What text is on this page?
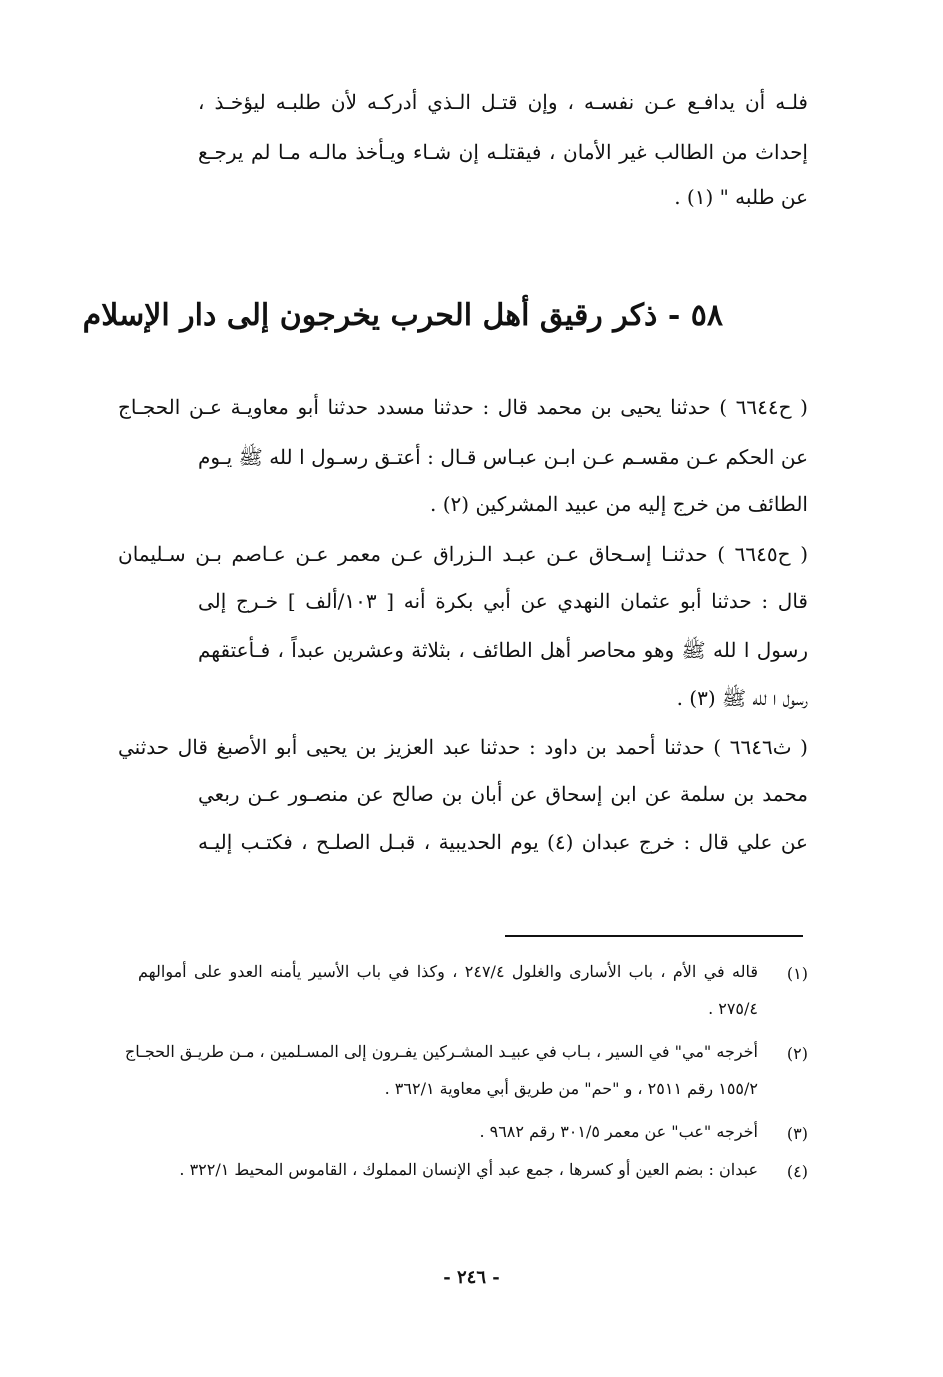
فلـه أن يدافـع عـن نفسـه ، وإن قتـل الـذي أدركـه لأن طلبـه ليؤخـذ ،
إحداث من الطالب غير الأمان ، فيقتلـه إن شـاء ويـأخذ مالـه مـا لم يرجـع
عن طلبه " (١) .
٥٨ - ذكر رقيق أهل الحرب يخرجون إلى دار الإسلام
( ح٦٦٤٤ ) حدثنا يحيى بن محمد قال : حدثنا مسدد حدثنا أبو معاويـة عـن الحجـاج
عن الحكم عـن مقسـم عـن ابـن عبـاس قـال : أعتـق رسـول ا لله ﷺ يـوم
الطائف من خرج إليه من عبيد المشركين (٢) .
( ح٦٦٤٥ ) حدثنـا إسـحاق عـن عبـد الـزراق عـن معمر عـن عـاصم بـن سـليمان
قال : حدثنا أبو عثمان النهدي عن أبي بكرة أنه [ ١٠٣/ألف ] خـرج إلى
رسول ا لله ﷺ وهو محاصر أهل الطائف ، بثلاثة وعشرين عبداً ، فـأعتقهم
رسول ا لله ﷺ (٣) .
( ث٦٦٤٦ ) حدثنا أحمد بن داود : حدثنا عبد العزيز بن يحيى أبو الأصبغ قال حدثني
محمد بن سلمة عن ابن إسحاق عن أبان بن صالح عن منصـور عـن ربعي
عن علي قال : خرج عبدان (٤) يوم الحديبية ، قبـل الصلـح ، فكتـب إليـه
(١)
قاله في الأم ، باب الأسارى والغلول ٢٤٧/٤ ، وكذا في باب الأسير يأمنه العدو على أموالهم
٢٧٥/٤ .
(٢)
أخرجه "مي" في السير ، بـاب في عبيـد المشـركين يفـرون إلى المسـلمين ، مـن طريـق الحجـاج
١٥٥/٢ رقم ٢٥١١ ، و "حم" من طريق أبي معاوية ٣٦٢/١ .
(٣)
أخرجه "عب" عن معمر ٣٠١/٥ رقم ٩٦٨٢ .
(٤)
عبدان : بضم العين أو كسرها ، جمع عبد أي الإنسان المملوك ، القاموس المحيط ٣٢٢/١ .
- ٢٤٦ -
